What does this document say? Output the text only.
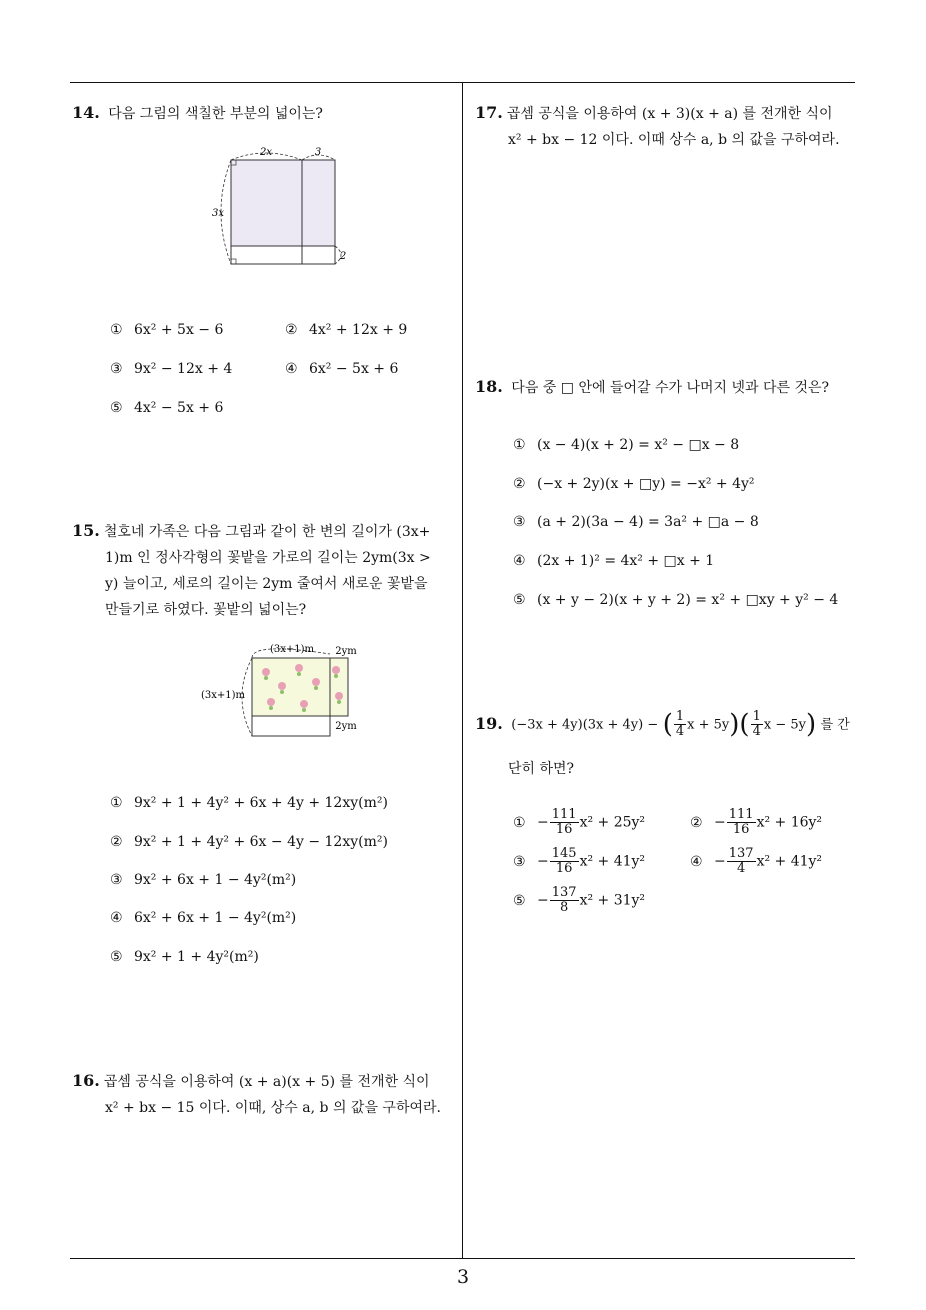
14. 다음 그림의 색칠한 부분의 넓이는?
2x	3
3x
2
① 6x² + 5x − 6	② 4x² + 12x + 9
③ 9x² − 12x + 4	④ 6x² − 5x + 6
⑤ 4x² − 5x + 6
15. 철호네 가족은 다음 그림과 같이 한 변의 길이가 (3x+
1)m 인 정사각형의 꽃밭을 가로의 길이는 2ym(3x >
y) 늘이고, 세로의 길이는 2ym 줄여서 새로운 꽃밭을
만들기로 하였다. 꽃밭의 넓이는?
(3x+1)m 2ym
(3x+1)m
2ym
① 9x² + 1 + 4y² + 6x + 4y + 12xy(m²)
② 9x² + 1 + 4y² + 6x − 4y − 12xy(m²)
③ 9x² + 6x + 1 − 4y²(m²)
④ 6x² + 6x + 1 − 4y²(m²)
⑤ 9x² + 1 + 4y²(m²)
16. 곱셈 공식을 이용하여 (x + a)(x + 5) 를 전개한 식이
x² + bx − 15 이다. 이때, 상수 a, b 의 값을 구하여라.
17. 곱셈 공식을 이용하여 (x + 3)(x + a) 를 전개한 식이
x² + bx − 12 이다. 이때 상수 a, b 의 값을 구하여라.
18. 다음 중 □ 안에 들어갈 수가 나머지 넷과 다른 것은?
① (x − 4)(x + 2) = x² − □x − 8
② (−x + 2y)(x + □y) = −x² + 4y²
③ (a + 2)(3a − 4) = 3a² + □a − 8
④ (2x + 1)² = 4x² + □x + 1
⑤ (x + y − 2)(x + y + 2) = x² + □xy + y² − 4
19. (−3x + 4y)(3x + 4y) − ( $\frac{1}{4}$ $x + 5y)( \frac{1}{4}$ x − 5y) 를 간
단히 하면?
① − $\frac{111}{16} x^2 + 25y^2$	② − $\frac{111}{16} x^2 + 16y^2$
③ − $\frac{145}{16} x^2 + 41y^2$	④ − $\frac{137}{4} x^2 + 41y^2$
⑤ − $\frac{137}{8} x^2 + 31y^2$
3
